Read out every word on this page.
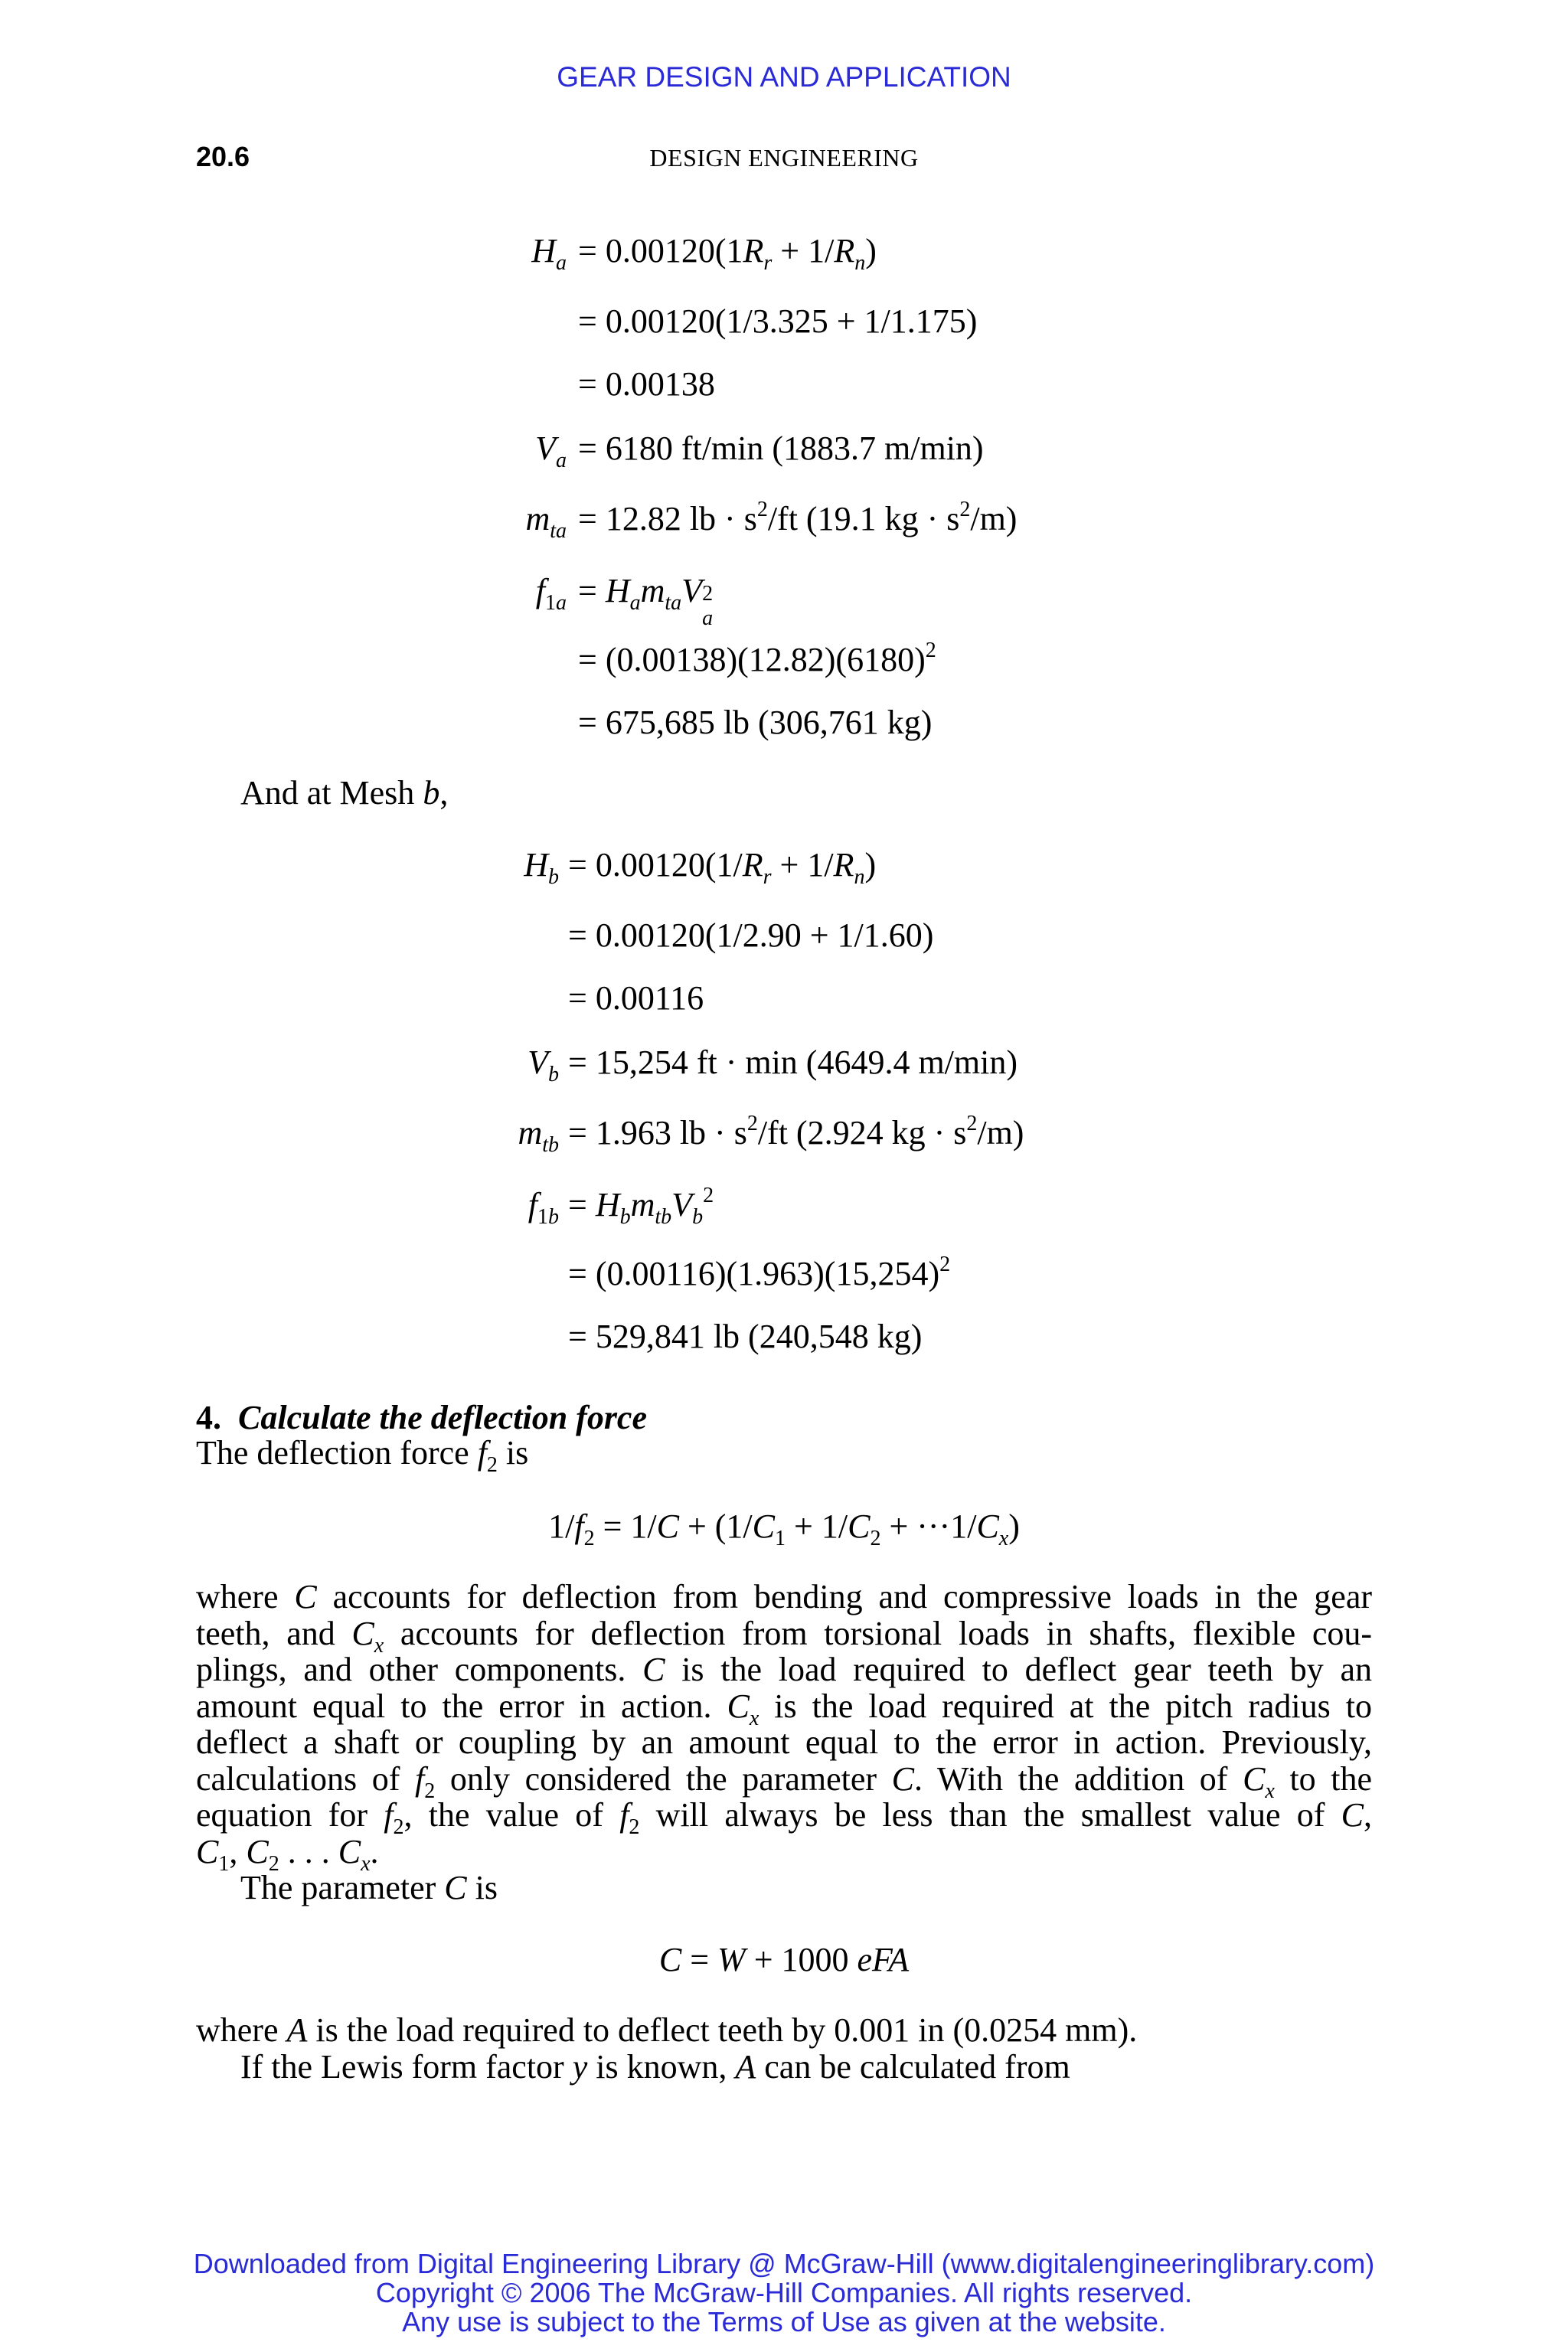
GEAR DESIGN AND APPLICATION
20.6	DESIGN ENGINEERING
$H_a = 0.00120(1R_r + 1/R_n)$
= 0.00120(1/3.325 + 1/1.175)
= 0.00138
$V_a = 6180$ ft/min (1883.7 m/min)
$m_{ta} = 12.82$ lb · $s^2/ft$ (19.1 kg · $s^2/m$)
$f_{1a} = H_am_{ta}V$ 2
a
= $(0.00138)(12.82)(6180)^2$
= 675,685 lb (306,761 kg)
And at Mesh b,
$H_b = 0.00120(1/R_r + 1/R_n)$
= 0.00120(1/2.90 + 1/1.60)
= 0.00116
$V_b = 15,254$ ft · min (4649.4 m/min)
$m_{tb} = 1.963$ lb · $s^2/ft$ (2.924 kg · $s^2/m$)
$f_{1b} = H_bm_{tb}V_b^2$
= $(0.00116)(1.963)(15,254)^2$
= 529,841 lb (240,548 kg)
4. Calculate the deflection force
The deflection force $f_2$ is
$1/f_2 = 1/C + (1/C_1 + 1/C_2 + \cdot\cdot\cdot 1/C_x)$
where C accounts for deflection from bending and compressive loads in the gear
teeth, and $C_x$ accounts for deflection from torsional loads in shafts, flexible cou-
plings, and other components. C is the load required to deflect gear teeth by an
amount equal to the error in action. $C_x$ is the load required at the pitch radius to
deflect a shaft or coupling by an amount equal to the error in action. Previously,
calculations of $f_2$ only considered the parameter C. With the addition of $C_x$ to the
equation for $f_2$, the value of $f_2$ will always be less than the smallest value of C,
$C_1$, $C_2$ . . . $C_x$.
The parameter C is
C = W + 1000 eFA
where A is the load required to deflect teeth by 0.001 in (0.0254 mm).
If the Lewis form factor y is known, A can be calculated from
Downloaded from Digital Engineering Library @ McGraw-Hill (www.digitalengineeringlibrary.com)
Copyright © 2006 The McGraw-Hill Companies. All rights reserved.
Any use is subject to the Terms of Use as given at the website.
